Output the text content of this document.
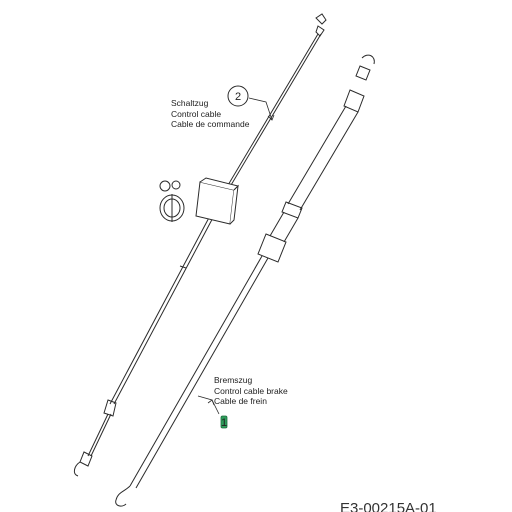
2
1
Schaltzug
Control cable
Cable de commande
Bremszug
Control cable brake
Cable de frein
E3-00215A-01
